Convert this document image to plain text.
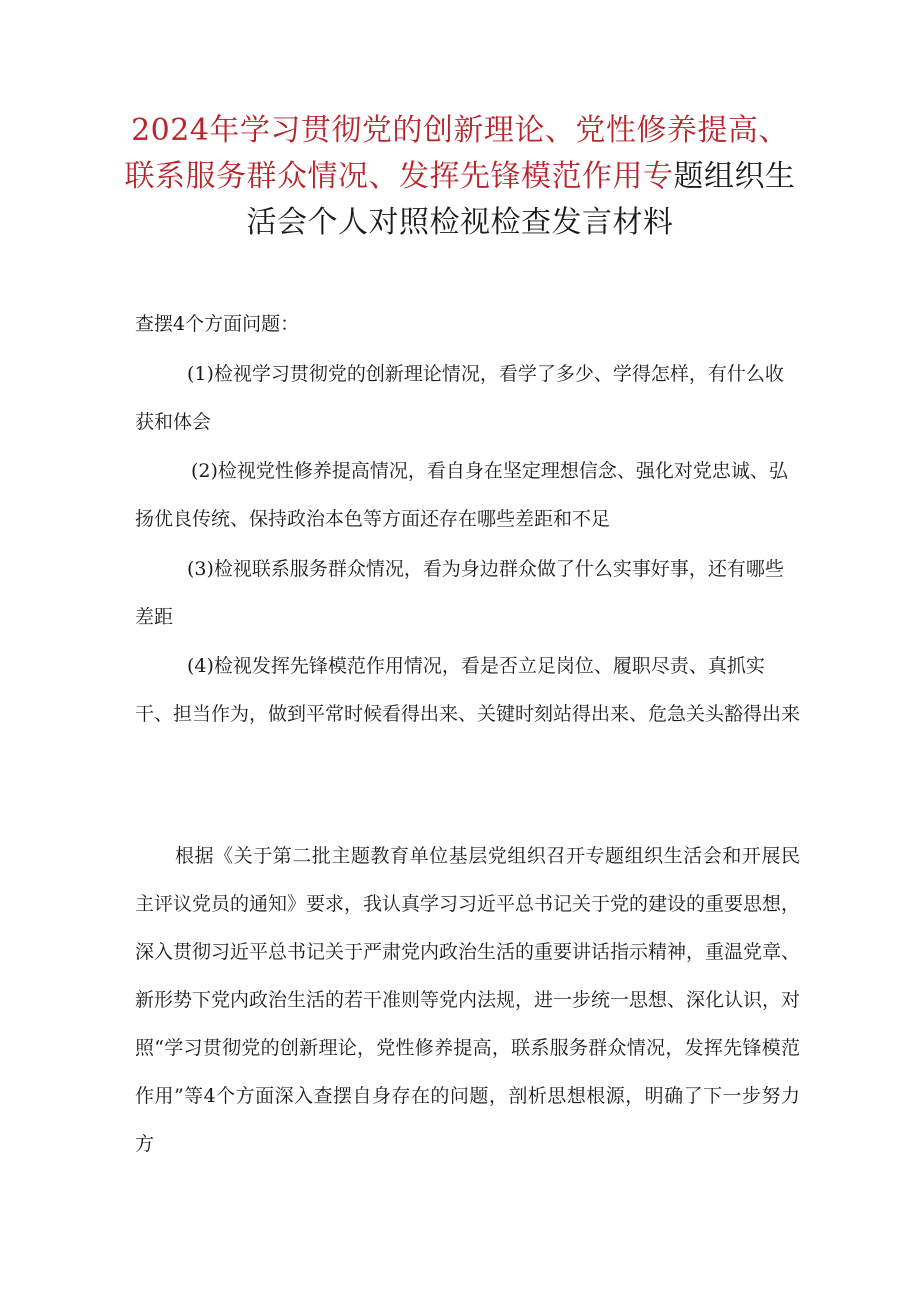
2024年学习贯彻党的创新理论、党性修养提高、联系服务群众情况、发挥先锋模范作用专题组织生活会个人对照检视检查发言材料

查摆4个方面问题：

(1)检视学习贯彻党的创新理论情况，看学了多少、学得怎样，有什么收获和体会

(2)检视党性修养提高情况，看自身在坚定理想信念、强化对党忠诚、弘扬优良传统、保持政治本色等方面还存在哪些差距和不足

(3)检视联系服务群众情况，看为身边群众做了什么实事好事，还有哪些差距

(4)检视发挥先锋模范作用情况，看是否立足岗位、履职尽责、真抓实干、担当作为，做到平常时候看得出来、关键时刻站得出来、危急关头豁得出来

根据《关于第二批主题教育单位基层党组织召开专题组织生活会和开展民主评议党员的通知》要求，我认真学习习近平总书记关于党的建设的重要思想，深入贯彻习近平总书记关于严肃党内政治生活的重要讲话指示精神，重温党章、新形势下党内政治生活的若干准则等党内法规，进一步统一思想、深化认识，对照“学习贯彻党的创新理论，党性修养提高，联系服务群众情况，发挥先锋模范作用”等4个方面深入查摆自身存在的问题，剖析思想根源，明确了下一步努力方
